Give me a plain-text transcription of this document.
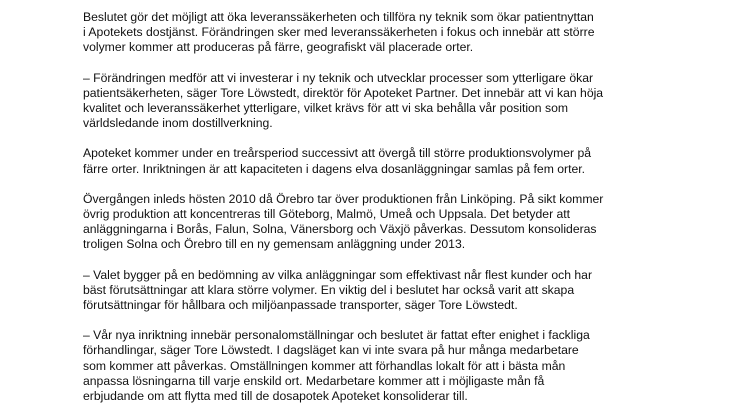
Beslutet gör det möjligt att öka leveranssäkerheten och tillföra ny teknik som ökar patientnyttan
i Apotekets dostjänst. Förändringen sker med leveranssäkerheten i fokus och innebär att större
volymer kommer att produceras på färre, geografiskt väl placerade orter.

– Förändringen medför att vi investerar i ny teknik och utvecklar processer som ytterligare ökar
patientsäkerheten, säger Tore Löwstedt, direktör för Apoteket Partner. Det innebär att vi kan höja
kvalitet och leveranssäkerhet ytterligare, vilket krävs för att vi ska behålla vår position som
världsledande inom dostillverkning.

Apoteket kommer under en treårsperiod successivt att övergå till större produktionsvolymer på
färre orter. Inriktningen är att kapaciteten i dagens elva dosanläggningar samlas på fem orter.

Övergången inleds hösten 2010 då Örebro tar över produktionen från Linköping. På sikt kommer
övrig produktion att koncentreras till Göteborg, Malmö, Umeå och Uppsala. Det betyder att
anläggningarna i Borås, Falun, Solna, Vänersborg och Växjö påverkas. Dessutom konsolideras
troligen Solna och Örebro till en ny gemensam anläggning under 2013.

– Valet bygger på en bedömning av vilka anläggningar som effektivast når flest kunder och har
bäst förutsättningar att klara större volymer. En viktig del i beslutet har också varit att skapa
förutsättningar för hållbara och miljöanpassade transporter, säger Tore Löwstedt.

– Vår nya inriktning innebär personalomställningar och beslutet är fattat efter enighet i fackliga
förhandlingar, säger Tore Löwstedt. I dagsläget kan vi inte svara på hur många medarbetare
som kommer att påverkas. Omställningen kommer att förhandlas lokalt för att i bästa mån
anpassa lösningarna till varje enskild ort. Medarbetare kommer att i möjligaste mån få
erbjudande om att flytta med till de dosapotek Apoteket konsoliderar till.
